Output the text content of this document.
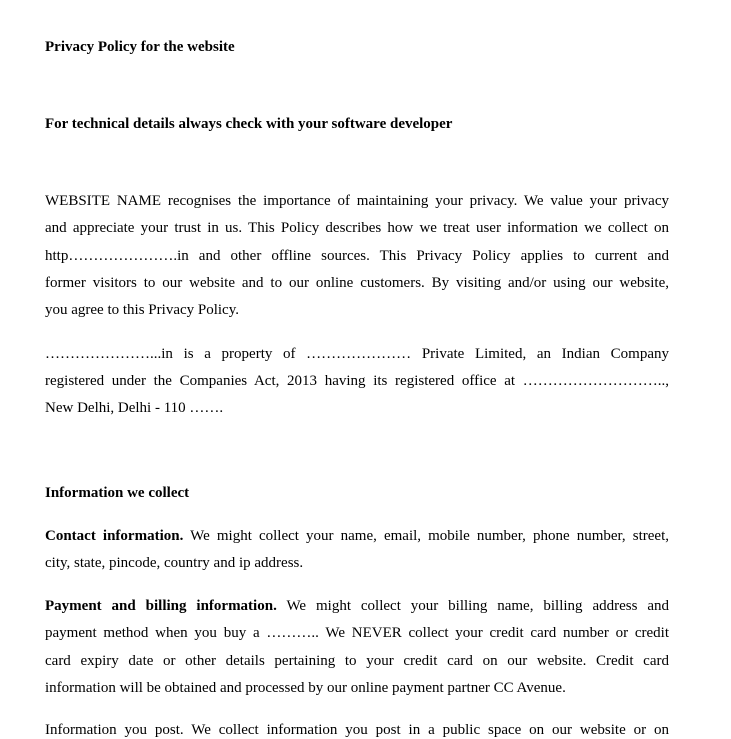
Privacy Policy for the website
For technical details always check with your software developer
WEBSITE NAME recognises the importance of maintaining your privacy. We value your privacy
and appreciate your trust in us. This Policy describes how we treat user information we collect on
http………………….in and other offline sources. This Privacy Policy applies to current and
former visitors to our website and to our online customers. By visiting and/or using our website,
you agree to this Privacy Policy.
…………………...in is a property of ………………… Private Limited, an Indian Company
registered under the Companies Act, 2013 having its registered office at ………………………..,
New Delhi, Delhi - 110 …….
Information we collect
Contact information. We might collect your name, email, mobile number, phone number, street,
city, state, pincode, country and ip address.
Payment and billing information. We might collect your billing name, billing address and
payment method when you buy a ……….. We NEVER collect your credit card number or credit
card expiry date or other details pertaining to your credit card on our website. Credit card
information will be obtained and processed by our online payment partner CC Avenue.
Information you post. We collect information you post in a public space on our website or on
